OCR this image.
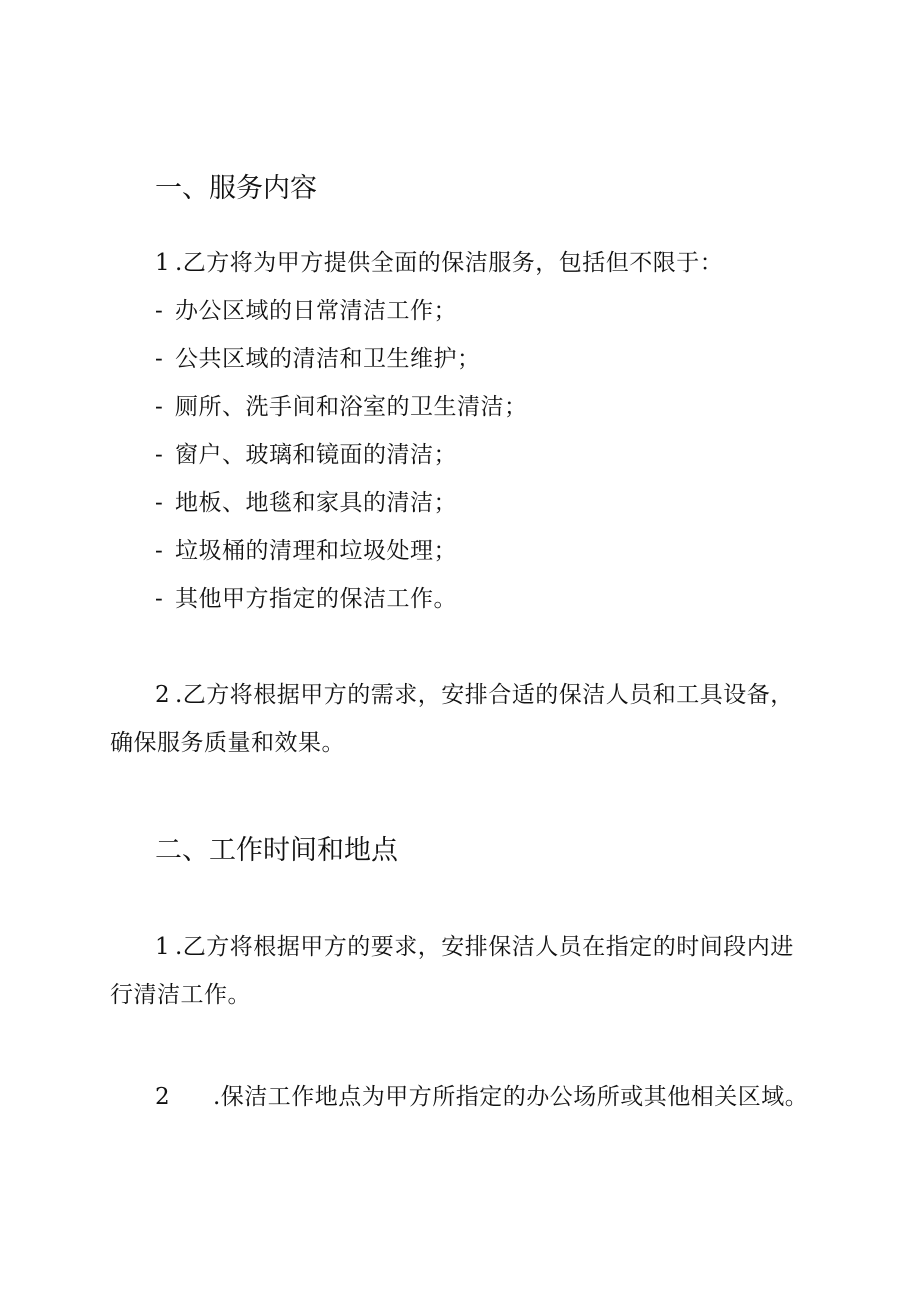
一、服务内容
1 .乙方将为甲方提供全面的保洁服务，包括但不限于：
- 办公区域的日常清洁工作；
- 公共区域的清洁和卫生维护；
- 厕所、洗手间和浴室的卫生清洁；
- 窗户、玻璃和镜面的清洁；
- 地板、地毯和家具的清洁；
- 垃圾桶的清理和垃圾处理；
- 其他甲方指定的保洁工作。
2 .乙方将根据甲方的需求，安排合适的保洁人员和工具设备，
确保服务质量和效果。
二、工作时间和地点
1 .乙方将根据甲方的要求，安排保洁人员在指定的时间段内进
行清洁工作。
2 .保洁工作地点为甲方所指定的办公场所或其他相关区域。
